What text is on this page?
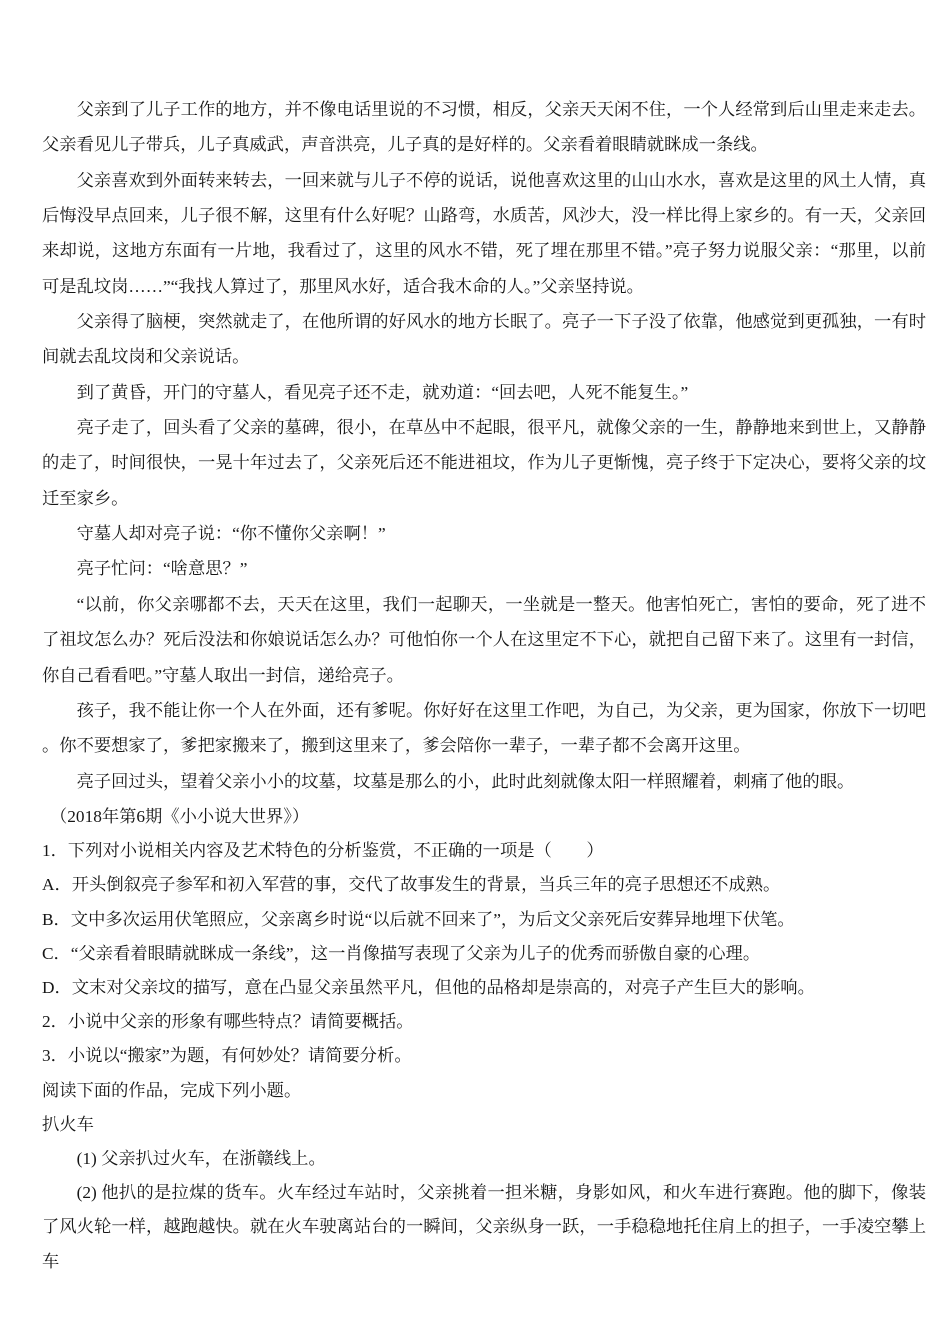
父亲到了儿子工作的地方，并不像电话里说的不习惯，相反，父亲天天闲不住，一个人经常到后山里走来走去。父亲看见儿子带兵，儿子真威武，声音洪亮，儿子真的是好样的。父亲看着眼睛就眯成一条线。

父亲喜欢到外面转来转去，一回来就与儿子不停的说话，说他喜欢这里的山山水水，喜欢是这里的风土人情，真后悔没早点回来，儿子很不解，这里有什么好呢？山路弯，水质苦，风沙大，没一样比得上家乡的。有一天，父亲回来却说，这地方东面有一片地，我看过了，这里的风水不错，死了埋在那里不错。”亮子努力说服父亲：“那里，以前可是乱坟岗……”“我找人算过了，那里风水好，适合我木命的人。”父亲坚持说。

父亲得了脑梗，突然就走了，在他所谓的好风水的地方长眠了。亮子一下子没了依靠，他感觉到更孤独，一有时间就去乱坟岗和父亲说话。

到了黄昏，开门的守墓人，看见亮子还不走，就劝道：“回去吧，人死不能复生。”

亮子走了，回头看了父亲的墓碑，很小，在草丛中不起眼，很平凡，就像父亲的一生，静静地来到世上，又静静的走了，时间很快，一晃十年过去了，父亲死后还不能进祖坟，作为儿子更惭愧，亮子终于下定决心，要将父亲的坟迁至家乡。

守墓人却对亮子说：“你不懂你父亲啊！”

亮子忙问：“啥意思？”

“以前，你父亲哪都不去，天天在这里，我们一起聊天，一坐就是一整天。他害怕死亡，害怕的要命，死了进不了祖坟怎么办？死后没法和你娘说话怎么办？可他怕你一个人在这里定不下心，就把自己留下来了。这里有一封信，你自己看看吧。”守墓人取出一封信，递给亮子。

孩子，我不能让你一个人在外面，还有爹呢。你好好在这里工作吧，为自己，为父亲，更为国家，你放下一切吧。你不要想家了，爹把家搬来了，搬到这里来了，爹会陪你一辈子，一辈子都不会离开这里。

亮子回过头，望着父亲小小的坟墓，坟墓是那么的小，此时此刻就像太阳一样照耀着，刺痛了他的眼。

（2018年第6期《小小说大世界》）

1．下列对小说相关内容及艺术特色的分析鉴赏，不正确的一项是（　　）

A．开头倒叙亮子参军和初入军营的事，交代了故事发生的背景，当兵三年的亮子思想还不成熟。

B．文中多次运用伏笔照应，父亲离乡时说“以后就不回来了”，为后文父亲死后安葬异地埋下伏笔。

C．“父亲看着眼睛就眯成一条线”，这一肖像描写表现了父亲为儿子的优秀而骄傲自豪的心理。

D．文末对父亲坟的描写，意在凸显父亲虽然平凡，但他的品格却是崇高的，对亮子产生巨大的影响。

2．小说中父亲的形象有哪些特点？请简要概括。

3．小说以“搬家”为题，有何妙处？请简要分析。

阅读下面的作品，完成下列小题。

扒火车

(1) 父亲扒过火车，在浙赣线上。

(2) 他扒的是拉煤的货车。火车经过车站时，父亲挑着一担米糖，身影如风，和火车进行赛跑。他的脚下，像装了风火轮一样，越跑越快。就在火车驶离站台的一瞬间，父亲纵身一跃，一手稳稳地托住肩上的担子，一手凌空攀上车
